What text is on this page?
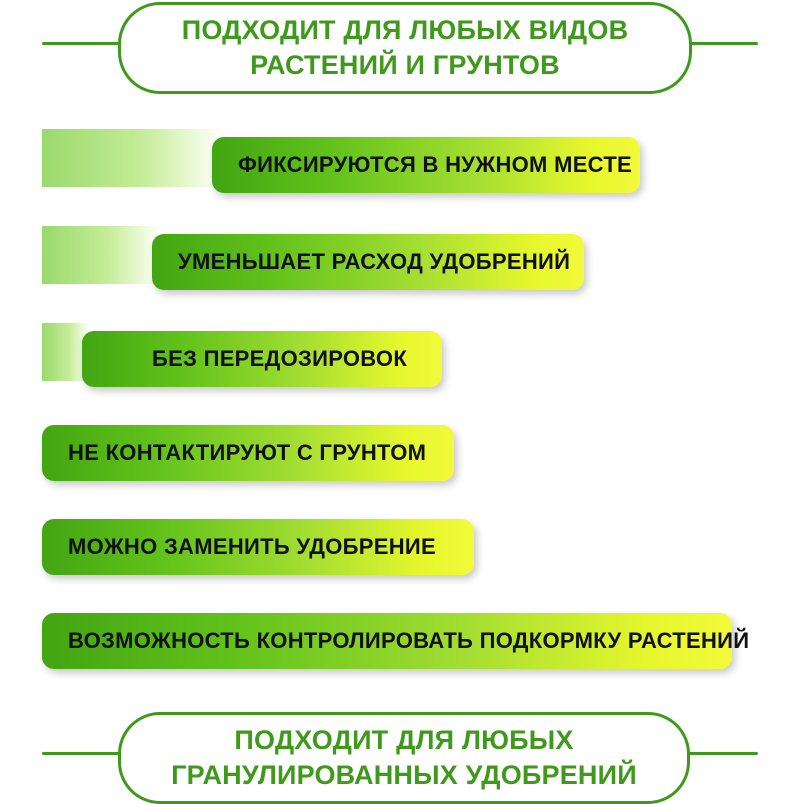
ПОДХОДИТ ДЛЯ ЛЮБЫХ ВИДОВ
РАСТЕНИЙ И ГРУНТОВ
ФИКСИРУЮТСЯ В НУЖНОМ МЕСТЕ
УМЕНЬШАЕТ РАСХОД УДОБРЕНИЙ
БЕЗ ПЕРЕДОЗИРОВОК
НЕ КОНТАКТИРУЮТ С ГРУНТОМ
МОЖНО ЗАМЕНИТЬ УДОБРЕНИЕ
ВОЗМОЖНОСТЬ КОНТРОЛИРОВАТЬ ПОДКОРМКУ РАСТЕНИЙ
ПОДХОДИТ ДЛЯ ЛЮБЫХ
ГРАНУЛИРОВАННЫХ УДОБРЕНИЙ
